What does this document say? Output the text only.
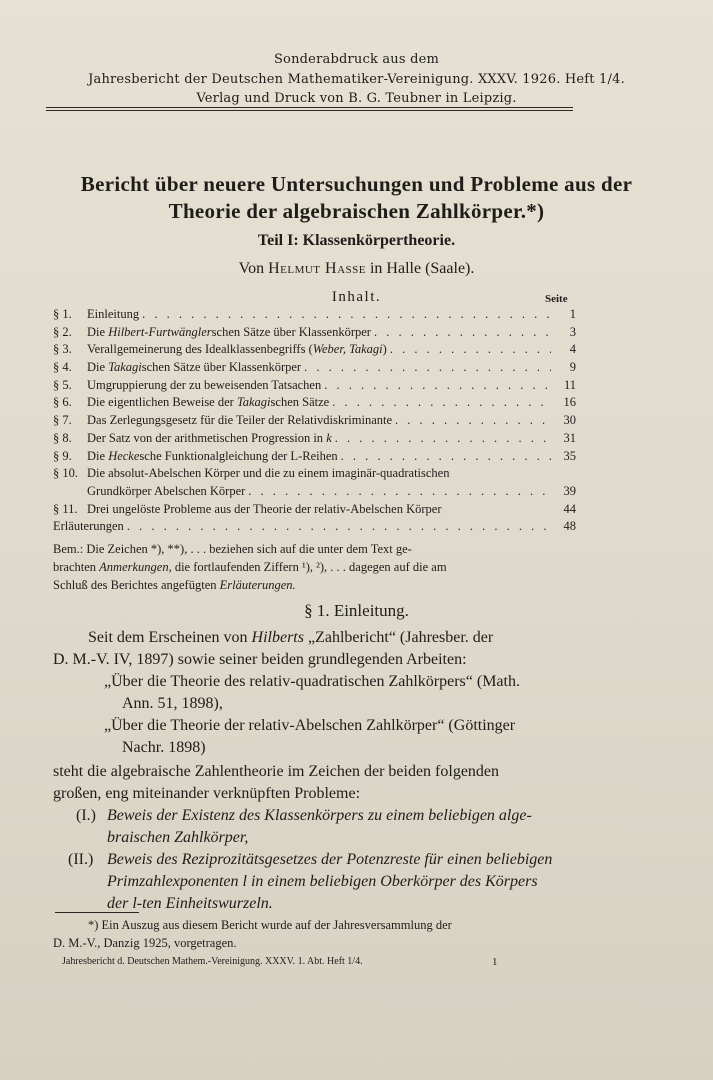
Sonderabdruck aus dem
Jahresbericht der Deutschen Mathematiker-Vereinigung. XXXV. 1926. Heft 1/4.
Verlag und Druck von B. G. Teubner in Leipzig.
Bericht über neuere Untersuchungen und Probleme aus der
Theorie der algebraischen Zahlkörper.*)
Teil I: Klassenkörpertheorie.
Von Helmut Hasse in Halle (Saale).
Inhalt.	Seite
§ 1.	Einleitung . . .	1
§ 2.	Die Hilbert-Furtwänglerschen Sätze über Klassenkörper . . .	3
§ 3.	Verallgemeinerung des Idealklassenbegriffs (Weber, Takagi) . . .	4
§ 4.	Die Takagischen Sätze über Klassenkörper . . .	9
§ 5.	Umgruppierung der zu beweisenden Tatsachen . . .	11
§ 6.	Die eigentlichen Beweise der Takagischen Sätze . . .	16
§ 7.	Das Zerlegungsgesetz für die Teiler der Relativdiskriminante . . .	30
§ 8.	Der Satz von der arithmetischen Progression in k . . .	31
§ 9.	Die Heckesche Funktionalgleichung der L-Reihen . . .	35
§ 10. Die absolut-Abelschen Körper und die zu einem imaginär-quadratischen
Grundkörper Abelschen Körper . . .	39
§ 11. Drei ungelöste Probleme aus der Theorie der relativ-Abelschen Körper	44
Erläuterungen . . .	48
Bem.: Die Zeichen *), **), . . . beziehen sich auf die unter dem Text ge-
brachten Anmerkungen, die fortlaufenden Ziffern ¹), ²), . . . dagegen auf die am
Schluß des Berichtes angefügten Erläuterungen.
§ 1. Einleitung.
Seit dem Erscheinen von Hilberts „Zahlbericht“ (Jahresber. der
D. M.-V. IV, 1897) sowie seiner beiden grundlegenden Arbeiten:
„Über die Theorie des relativ-quadratischen Zahlkörpers“ (Math.
Ann. 51, 1898),
„Über die Theorie der relativ-Abelschen Zahlkörper“ (Göttinger
Nachr. 1898)
steht die algebraische Zahlentheorie im Zeichen der beiden folgenden
großen, eng miteinander verknüpften Probleme:
(I.) Beweis der Existenz des Klassenkörpers zu einem beliebigen alge-
braischen Zahlkörper,
(II.) Beweis des Reziprozitätsgesetzes der Potenzreste für einen beliebigen
Primzahlexponenten l in einem beliebigen Oberkörper des Körpers
der l-ten Einheitswurzeln.
*) Ein Auszug aus diesem Bericht wurde auf der Jahresversammlung der
D. M.-V., Danzig 1925, vorgetragen.
Jahresbericht d. Deutschen Mathem.-Vereinigung. XXXV. 1. Abt. Heft 1/4.	1
